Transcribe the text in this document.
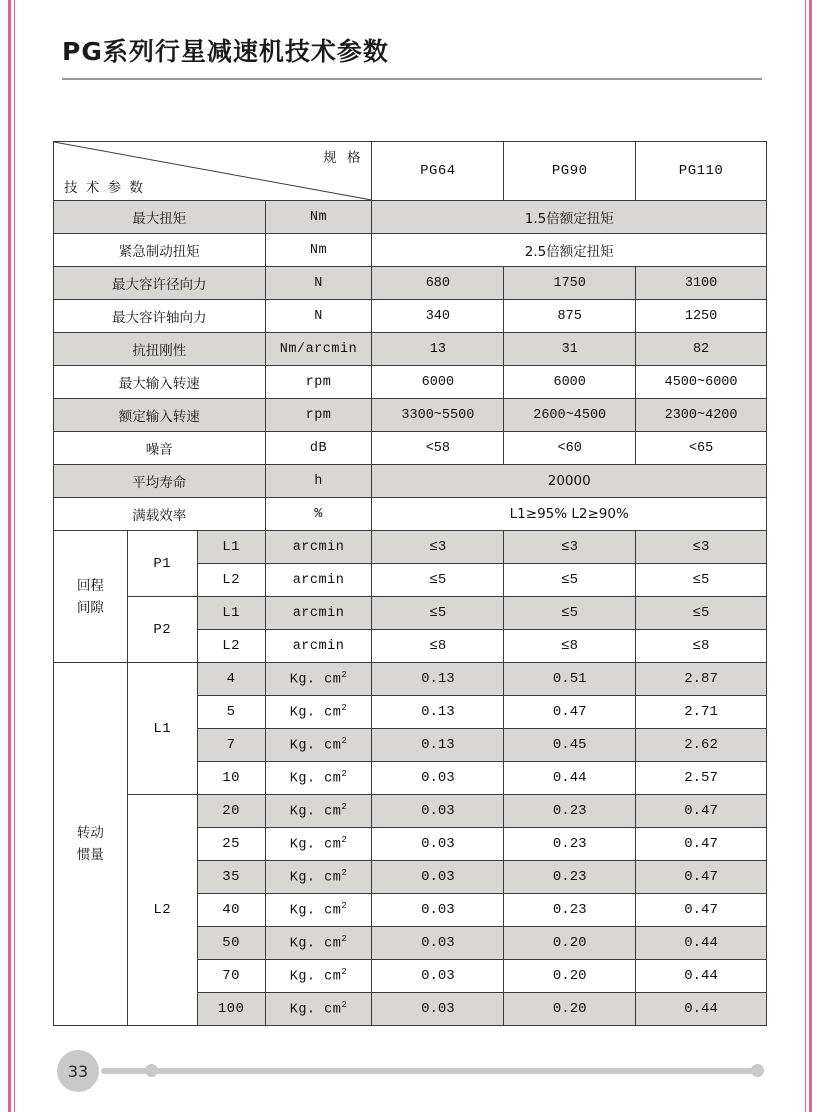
PG系列行星减速机技术参数
规 格
技 术 参 数				PG64	PG90	PG110
最大扭矩			Nm	1.5倍额定扭矩		
紧急制动扭矩			Nm	2.5倍额定扭矩		
最大容许径向力			N	680	1750	3100
最大容许轴向力			N	340	875	1250
抗扭刚性			Nm/arcmin	13	31	82
最大输入转速			rpm	6000	6000	4500~6000
额定输入转速			rpm	3300~5500	2600~4500	2300~4200
噪音			dB	<58	<60	<65
平均寿命			h	20000		
满载效率			%	L1≥95% L2≥90%		

回程
间隙	P1	L1	arcmin	≤3	≤3	≤3
		L2	arcmin	≤5	≤5	≤5
	P2	L1	arcmin	≤5	≤5	≤5
		L2	arcmin	≤8	≤8	≤8

转动
惯量	L1	4	Kg. $cm^2$	0.13	0.51	2.87
		5	Kg. $cm^2$	0.13	0.47	2.71
		7	Kg. $cm^2$	0.13	0.45	2.62
		10	Kg. $cm^2$	0.03	0.44	2.57
	L2	20	Kg. $cm^2$	0.03	0.23	0.47
		25	Kg. $cm^2$	0.03	0.23	0.47
		35	Kg. $cm^2$	0.03	0.23	0.47
		40	Kg. $cm^2$	0.03	0.23	0.47
		50	Kg. $cm^2$	0.03	0.20	0.44
		70	Kg. $cm^2$	0.03	0.20	0.44
		100	Kg. $cm^2$	0.03	0.20	0.44
33
